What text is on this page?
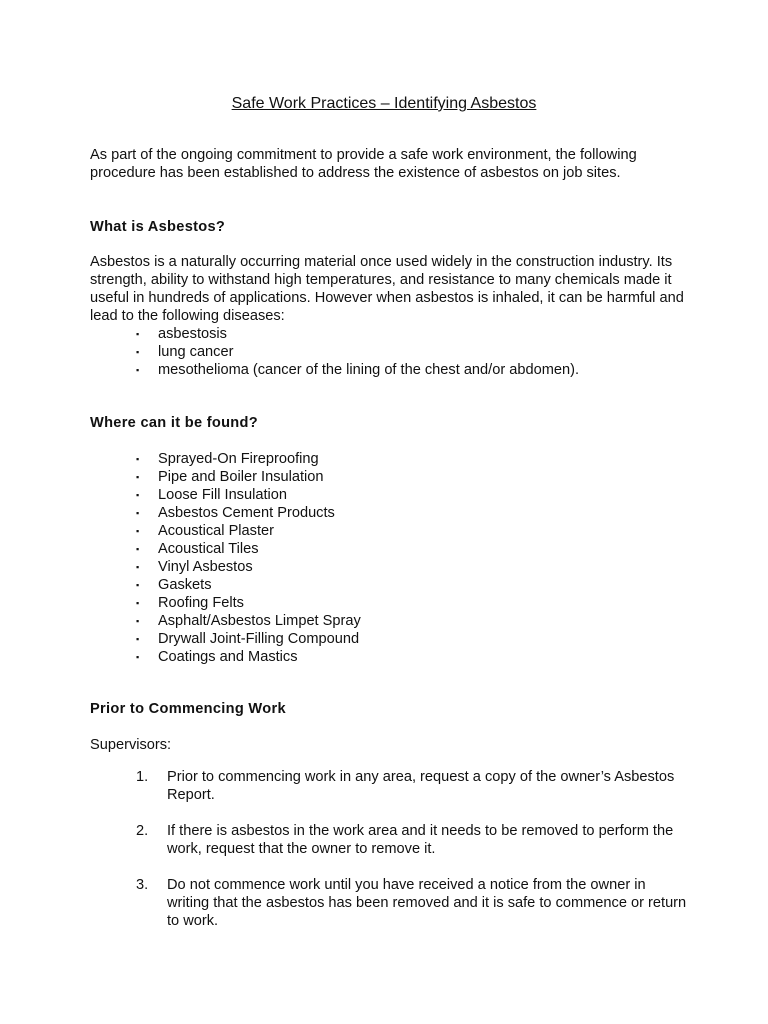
Safe Work Practices – Identifying Asbestos

As part of the ongoing commitment to provide a safe work environment, the following procedure has been established to address the existence of asbestos on job sites.

What is Asbestos?

Asbestos is a naturally occurring material once used widely in the construction industry. Its strength, ability to withstand high temperatures, and resistance to many chemicals made it useful in hundreds of applications. However when asbestos is inhaled, it can be harmful and lead to the following diseases:

▪ asbestosis
▪ lung cancer
▪ mesothelioma (cancer of the lining of the chest and/or abdomen).
Where can it be found?
▪ Sprayed-On Fireproofing
▪ Pipe and Boiler Insulation
▪ Loose Fill Insulation
▪ Asbestos Cement Products
▪ Acoustical Plaster
▪ Acoustical Tiles
▪ Vinyl Asbestos
▪ Gaskets
▪ Roofing Felts
▪ Asphalt/Asbestos Limpet Spray
▪ Drywall Joint-Filling Compound
▪ Coatings and Mastics
Prior to Commencing Work
Supervisors:
1. Prior to commencing work in any area, request a copy of the owner’s Asbestos Report.
2. If there is asbestos in the work area and it needs to be removed to perform the work, request that the owner to remove it.
3. Do not commence work until you have received a notice from the owner in writing that the asbestos has been removed and it is safe to commence or return to work.
